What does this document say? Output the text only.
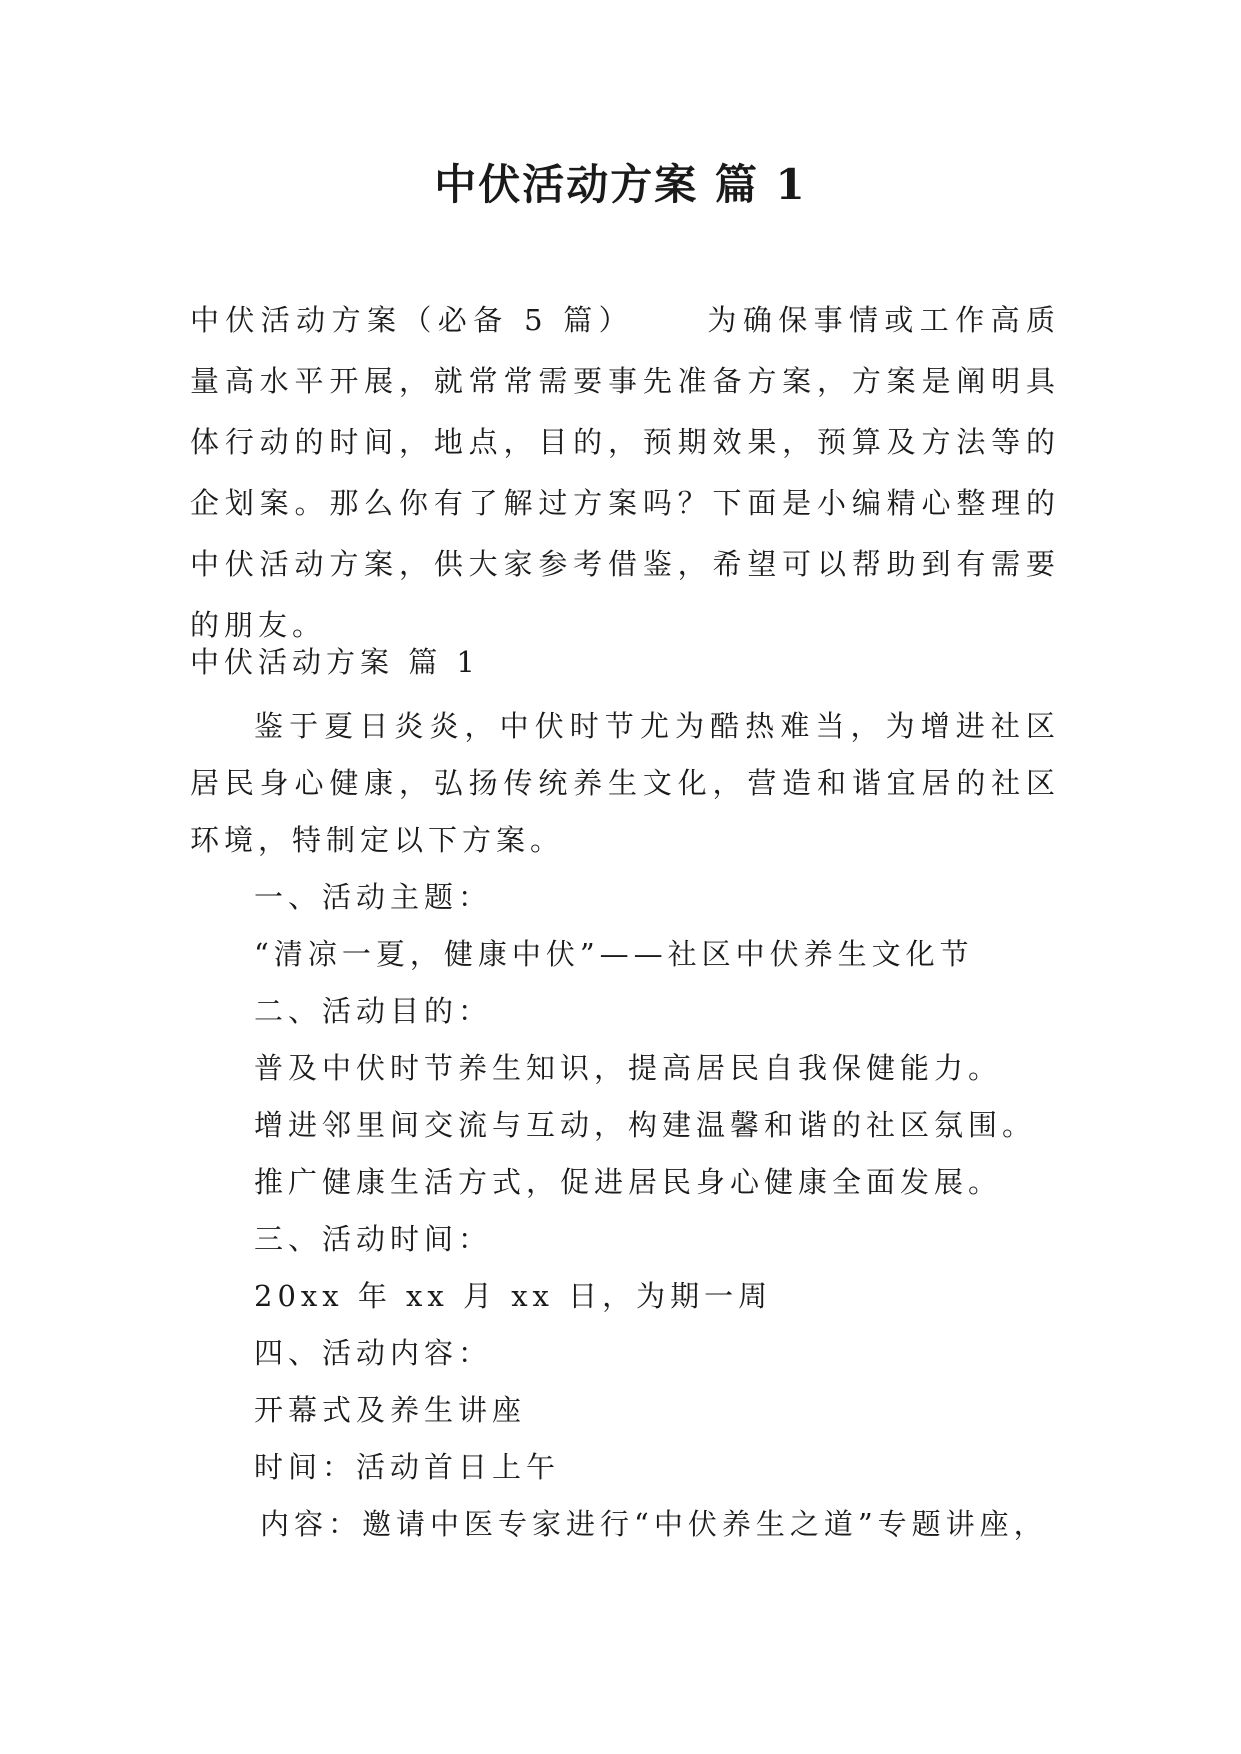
中伏活动方案 篇 1

中伏活动方案（必备 5 篇） 为确保事情或工作高质量高水平开展，就常常需要事先准备方案，方案是阐明具体行动的时间，地点，目的，预期效果，预算及方法等的企划案。那么你有了解过方案吗？下面是小编精心整理的中伏活动方案，供大家参考借鉴，希望可以帮助到有需要的朋友。

中伏活动方案 篇 1

鉴于夏日炎炎，中伏时节尤为酷热难当，为增进社区居民身心健康，弘扬传统养生文化，营造和谐宜居的社区环境，特制定以下方案。

一、活动主题：

“清凉一夏，健康中伏”——社区中伏养生文化节

二、活动目的：

普及中伏时节养生知识，提高居民自我保健能力。

增进邻里间交流与互动，构建温馨和谐的社区氛围。

推广健康生活方式，促进居民身心健康全面发展。

三、活动时间：

20xx 年 xx 月 xx 日，为期一周

四、活动内容：

开幕式及养生讲座

时间：活动首日上午

内容：邀请中医专家进行“中伏养生之道”专题讲座，
